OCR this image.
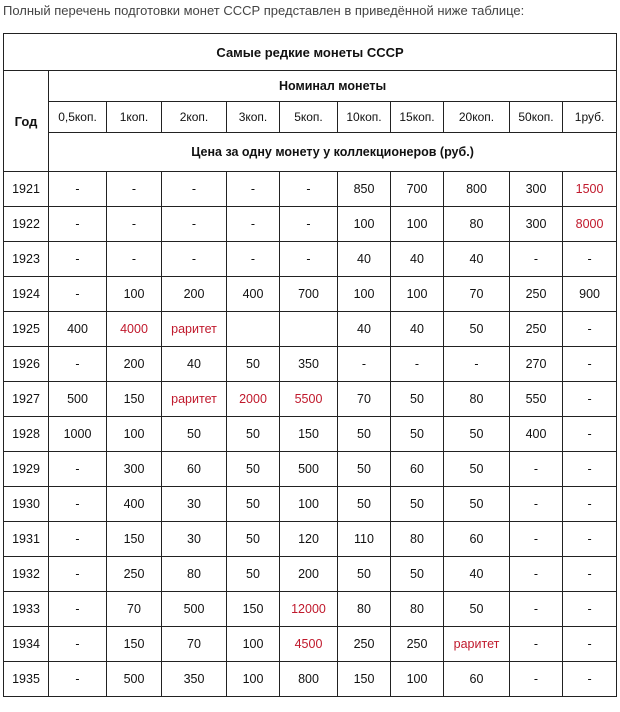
Полный перечень подготовки монет СССР представлен в приведённой ниже таблице:
Самые редкие монеты СССР										
Год	Номинал монеты									
	0,5коп.	1коп.	2коп.	3коп.	5коп.	10коп.	15коп.	20коп.	50коп.	1руб.
	Цена за одну монету у коллекционеров (руб.)									
1921	-	-	-	-	-	850	700	800	300	1500
1922	-	-	-	-	-	100	100	80	300	8000
1923	-	-	-	-	-	40	40	40	-	-
1924	-	100	200	400	700	100	100	70	250	900
1925	400	4000	раритет			40	40	50	250	-
1926	-	200	40	50	350	-	-	-	270	-
1927	500	150	раритет	2000	5500	70	50	80	550	-
1928	1000	100	50	50	150	50	50	50	400	-
1929	-	300	60	50	500	50	60	50	-	-
1930	-	400	30	50	100	50	50	50	-	-
1931	-	150	30	50	120	110	80	60	-	-
1932	-	250	80	50	200	50	50	40	-	-
1933	-	70	500	150	12000	80	80	50	-	-
1934	-	150	70	100	4500	250	250	раритет	-	-
1935	-	500	350	100	800	150	100	60	-	-
